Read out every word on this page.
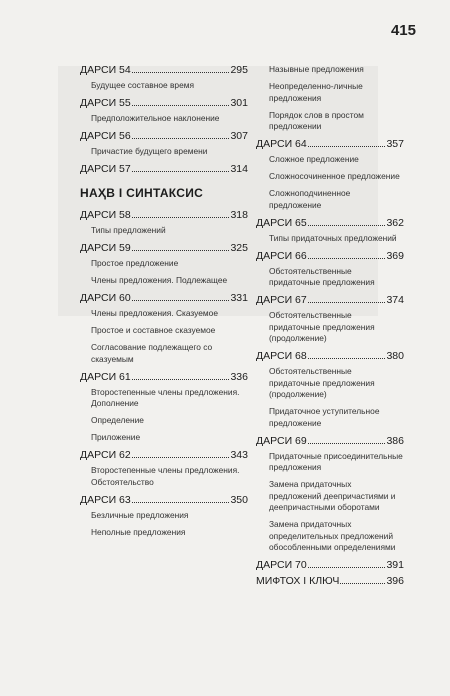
415
ДАРСИ 54	295
Будущее составное время
ДАРСИ 55	301
Предположительное наклонение
ДАРСИ 56	307
Причастие будущего времени
ДАРСИ 57	314
НАҲВ І СИНТАКСИС
ДАРСИ 58	318
Типы предложений
ДАРСИ 59	325
Простое предложение
Члены предложения. Подлежащее
ДАРСИ 60	331
Члены предложения. Сказуемое
Простое и составное сказуемое
Согласование подлежащего со сказуемым
ДАРСИ 61	336
Второстепенные члены предложения. Дополнение
Определение
Приложение
ДАРСИ 62	343
Второстепенные члены предложения. Обстоятельство
ДАРСИ 63	350
Безличные предложения
Неполные предложения
Назывные предложения
Неопределенно-личные предложения
Порядок слов в простом предложении
ДАРСИ 64	357
Сложное предложение
Сложносочиненное предложение
Сложноподчиненное предложение
ДАРСИ 65	362
Типы придаточных предложений
ДАРСИ 66	369
Обстоятельственные придаточные предложения
ДАРСИ 67	374
Обстоятельственные придаточные предложения (продолжение)
ДАРСИ 68	380
Обстоятельственные придаточные предложения (продолжение)
Придаточное уступительное предложение
ДАРСИ 69	386
Придаточные присоединительные предложения
Замена придаточных предложений деепричастиями и деепричастными оборотами
Замена придаточных определительных предложений обособленными определениями
ДАРСИ 70	391
МИФТОХ І КЛЮЧ	396
